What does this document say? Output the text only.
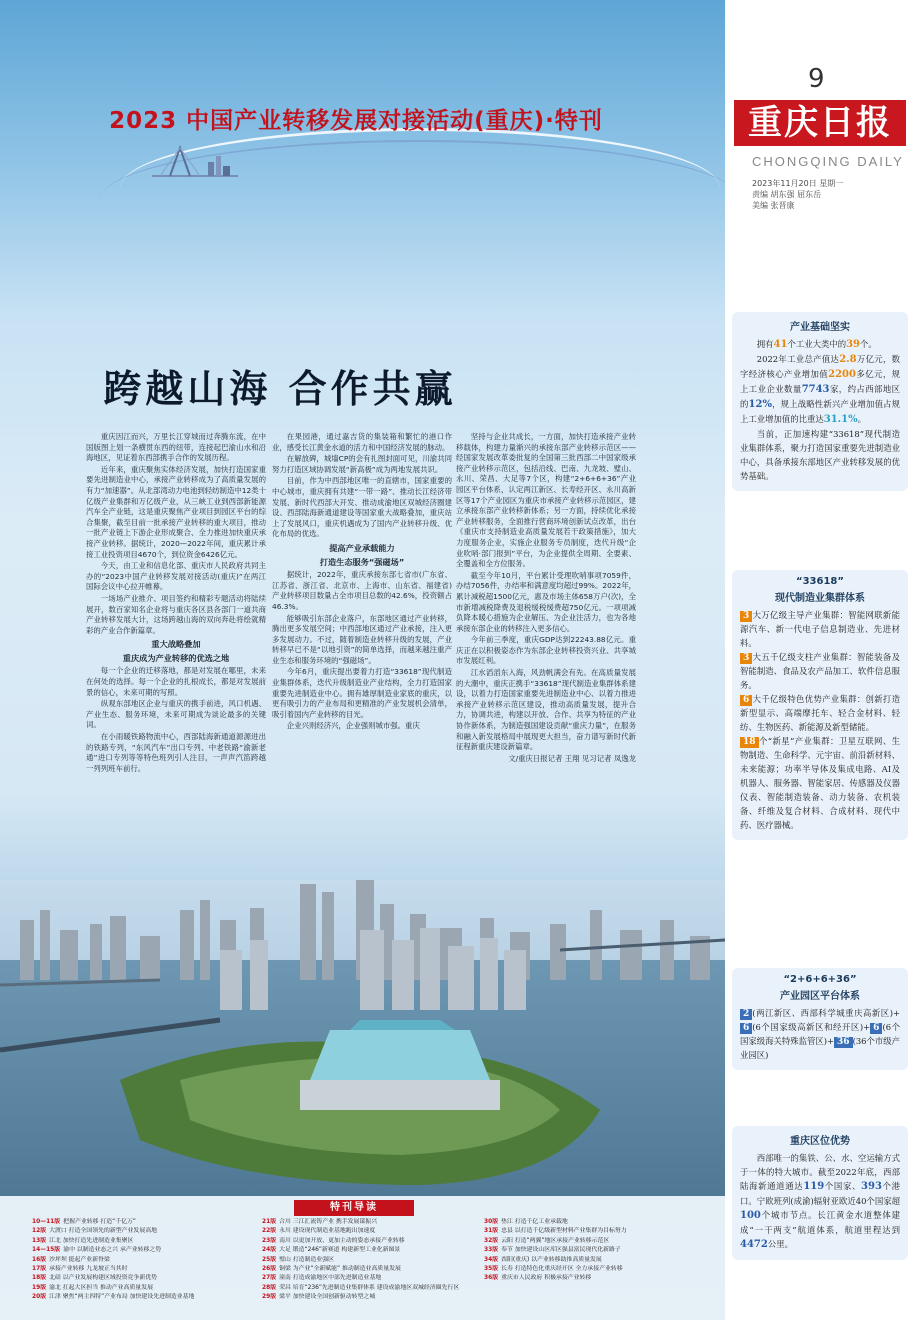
2023 中国产业转移发展对接活动(重庆)·特刊
跨越山海 合作共赢

重庆因江而兴，万里长江穿城而过奔腾东流，在中国版图上划一条横贯东西的纽带，连接起巴渝山水和沿海地区，见证着东西部携手合作的发展历程。

近年来，重庆聚焦实体经济发展，加快打造国家重要先进制造业中心，承接产业转移成为了高质量发展的有力“加速器”。从北部湾动力电池到轻纺制造中12类十亿级产业集群和万亿级产业，从三峡工业到西部新能源汽车全产业链，这是重庆聚焦产业项目到园区平台的综合集聚，截至目前一批承接产业转移的重大项目，推动一批产业链上下游企业形成聚合、全力推进加快重庆承接产业转移。据统计，2020—2022年间，重庆累计承接工业投资项目4670个，到位资金6426亿元。

今天，由工业和信息化部、重庆市人民政府共同主办的“2023中国产业转移发展对接活动(重庆)”在两江国际会议中心拉开帷幕。

一场场产业推介、项目签约和精彩专题活动将陆续展开，数百家知名企业将与重庆各区县各部门一道共商产业转移发展大计，这场跨越山海的双向奔赴将绘就精彩的产业合作新篇章。

重大战略叠加
重庆成为产业转移的优选之地

每一个企业的迁移落地，都是对发展在哪里，未来在何处的选择。每一个企业的扎根成长，都是对发展前景的信心，未来可期的写照。

纵观东部地区企业与重庆的携手前进，风口机遇、产业生态、服务环境，未来可期成为谈论最多的关键词。

在小雨暖铁路物流中心，西部陆海新通道源源进出的铁路专列，“东风汽车”出口专列、中老铁路“渝新老通”进口专列等等特色班列引人注目，一声声汽笛跨越一列列班车前行。

在果园港，通过嘉吉货的集装箱和繁忙的港口作业，感受长江黄金水道的活力和中国经济发展的脉动。

在解放碑，城墙CP的会有扎图封面可见，川渝共同努力打造区域协调发展“新高极”成为两地发展共识。

目前，作为中西部地区唯一的直辖市，国家重要的中心城市，重庆拥有共建“一带一路”、推动长江经济带发展、新时代西部大开发、推动成渝地区双城经济圈建设、西部陆海新通道建设等国家重大战略叠加，重庆站上了发展风口，重庆机遇成为了国内产业转移升级、优化布局的优选。

提高产业承载能力
打造生态服务“强磁场”

据统计，2022年，重庆承接东部七省市(广东省、江苏省、浙江省、北京市、上海市、山东省、福建省)产业转移项目数量占全市项目总数的42.6%，投资额占46.3%。

能够吸引东部企业落户，东部地区通过产业转移，腾出更多发展空间；中西部地区通过产业承接，注入更多发展动力。不过，随着制造业转移升级的发展，产业转移早已不是“以地引资”的简单选择，而越来越注重产业生态和服务环境的“强磁场”。

今年6月，重庆提出要着力打造“33618”现代制造业集群体系，迭代升级制造业产业结构，全力打造国家重要先进制造业中心。拥有雄厚制造业家底的重庆，以更有吸引力的产业布局和更精准的产业发展机会清单，吸引着国内产业转移的目光。

企业兴则经济兴，企业强则城市强。重庆

坚持与企业共成长，一方面，加快打造承接产业转移载体，构建力量渐兴的承接东部产业转移示范区——经国家发展改革委批复的全国第三批西部二中国家级承接产业转移示范区，包括沿线、巴南、九龙坡、璧山、永川、荣昌、大足等7个区，构建“2+6+6+36”产业园区平台体系，认定两江新区、长寿经开区、永川高新区等17个产业园区为重庆市承接产业转移示范园区，建立承接东部产业转移新体系；另一方面，持续优化承接产业转移服务，全面推行营商环境创新试点改革，出台《重庆市支持制造业高质量发展若干政策措施》，加大力度服务企业，实施企业服务专员制度，迭代升级“企业吹哨·部门报到”平台，为企业提供全周期、全要素、全覆盖和全方位服务。

截至今年10月，平台累计受理吹哨事项7059件，办结7056件，办结率和满意度均超过99%。2022年，累计减税超1500亿元，惠及市场主体658万户(次)，全市新增减税降费及退税缓税缓费超750亿元。一项项减负降本暖心措施为企业解压、为企业注活力，也为各地承接东部企业的转移注入更多信心。

今年前三季度，重庆GDP达到22243.88亿元。重庆正在以积极姿态作为东部企业转移投资兴业、共享城市发展红利。

江水滔滔东入海，风劲帆满会有先。在高质量发展的大潮中，重庆正携手“33618”现代制造业集群体系建设，以着力打造国家重要先进制造业中心、以着力推进承接产业转移示范区建设，推动高质量发展，提升合力，协调共进，构建以开放、合作、共享为特征的产业协作新体系，为制造强国建设贡献“重庆力量”，在服务和融入新发展格局中展现更大担当，奋力谱写新时代新征程新重庆建设新篇章。

文/重庆日报记者 王翔 见习记者 凤逸龙

特刊导读
10—11版 把握产业转移 打造“千亿万”
12版 大渡口 打造全国领先的新型产业发展高地
13版 江北 加快打造先进制造业集聚区
14—15版 渝中 以制造业态之兴 承产业转移之势
16版 沙坪坝 挺起产业新脊梁
17版 承接产业转移 九龙坡正当其时
18版 北碚 以产业发展构建区域投资竞争新优势
19版 渝北 扛起大区担当 推动产业高质量发展
20版 江津 聚焦“两主四特”产业布局 加快建设先进制造业基地
21版 合川 三江汇流铸产业 携手发展谋振兴
22版 永川 建设现代制造业基地跑出加速度
23版 南川 以更加开放、更加主动的姿态承接产业转移
24版 大足 锻造“246”新赛道 构建新型工业化新图景
25版 璧山 打造制造业强区
26版 铜梁 为产业“全新赋能” 推动制造业高质量发展
27版 潼南 打造成渝地区中部先进制造业基地
28版 荣昌 培育“236”先进制造业集群体系 建设成渝地区双城经济圈先行区
29版 梁平 加快建设全国创新驱动转型之城
30版 垫江 打造千亿工业承载地
31版 忠县 以打造千亿级新型材料产业集群为目标努力
32版 云阳 打造“两翼”地区承接产业转移示范区
33版 奉节 加快建设山区库区强县富民现代化新路子
34版 酉阳(重庆) 以产业转移助推高质量发展
35版 长寿 打造特色化重庆经开区 全力承接产业转移
36版 重庆市人民政府 积极承接产业转移
9
重庆日报
CHONGQING DAILY
2023年11月20日 星期一
责编 胡东强 屈东岳
美编 张晋康
产业基础坚实

拥有41个工业大类中的39个。

2022年工业总产值达2.8万亿元，数字经济核心产业增加值2200多亿元，规上工业企业数量7743家，约占西部地区的12%，规上战略性新兴产业增加值占规上工业增加值的比重达31.1%。

当前，正加速构建“33618”现代制造业集群体系，聚力打造国家重要先进制造业中心，具备承接东部地区产业转移发展的优势基础。

“33618”
现代制造业集群体系
3 大万亿级主导产业集群：智能网联新能源汽车、新一代电子信息制造业、先进材料。
3 大五千亿级支柱产业集群：智能装备及智能制造、食品及农产品加工、软件信息服务。
6 大千亿级特色优势产业集群：创新打造新型显示、高端摩托车、轻合金材料、轻纺、生物医药、新能源及新型储能。
18 个“新星”产业集群：卫星互联网、生物制造、生命科学、元宇宙、前沿新材料、未来能源；功率半导体及集成电路、AI及机器人、服务器、智能家居、传感器及仪器仪表、智能制造装备、动力装备、农机装备、纤维及复合材料、合成材料、现代中药、医疗器械。
“2+6+6+36”
产业园区平台体系
2 (两江新区、西部科学城重庆高新区)+6 (6个国家级高新区和经开区)+ 6 (6个国家级海关特殊监管区)+ 36 (36个市级产业园区)
重庆区位优势

西部唯一的集铁、公、水、空运输方式于一体的特大城市。截至2022年底，西部陆海新通道通达119个国家、393个港口。宁欧班列(成渝)辐射亚欧近40个国家超100个城市节点。长江黄金水道整体建成“一干两支”航道体系，航道里程达到4472公里。
